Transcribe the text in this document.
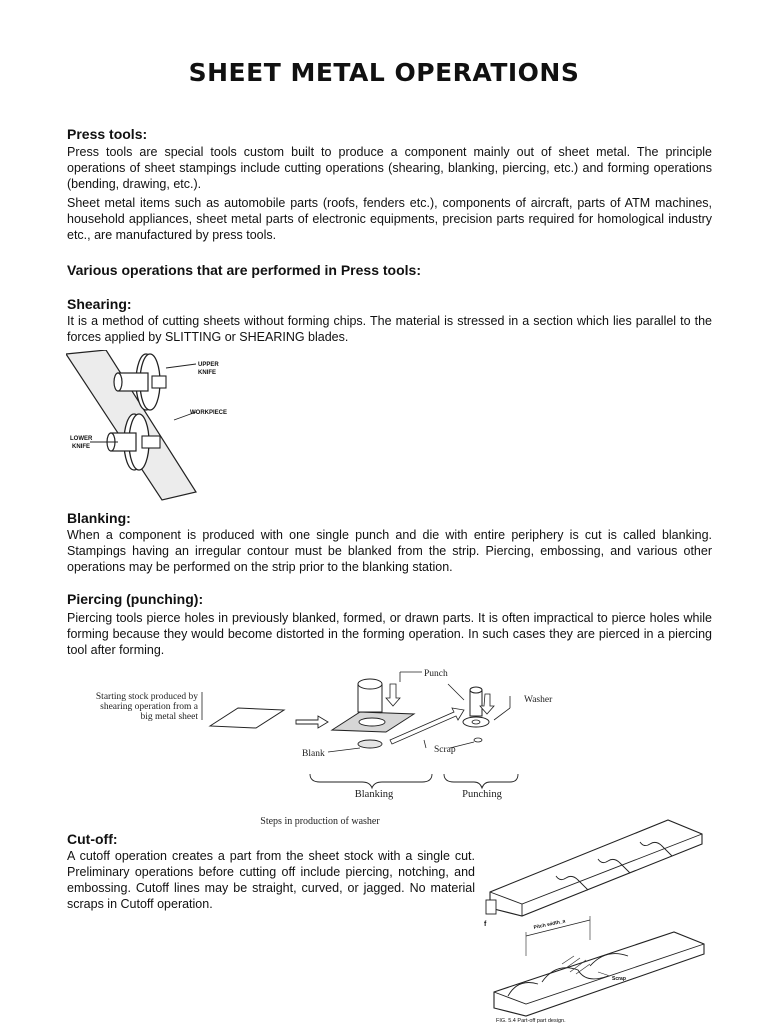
SHEET METAL OPERATIONS

Press tools:

Press tools are special tools custom built to produce a component mainly out of sheet metal. The principle operations of sheet stampings include cutting operations (shearing, blanking, piercing, etc.) and forming operations (bending, drawing, etc.).

Sheet metal items such as automobile parts (roofs, fenders etc.), components of aircraft, parts of ATM machines, household appliances, sheet metal parts of electronic equipments, precision parts required for homological industry etc., are manufactured by press tools.

Various operations that are performed in Press tools:

Shearing:

It is a method of cutting sheets without forming chips. The material is stressed in a section which lies parallel to the forces applied by SLITTING or SHEARING blades.

UPPER
KNIFE
WORKPIECE
LOWER
KNIFE

Blanking:

When a component is produced with one single punch and die with entire periphery is cut is called blanking. Stampings having an irregular contour must be blanked from the strip. Piercing, embossing, and various other operations may be performed on the strip prior to the blanking station.

Piercing (punching):

Piercing tools pierce holes in previously blanked, formed, or drawn parts. It is often impractical to pierce holes while forming because they would become distorted in the forming operation. In such cases they are pierced in a piercing tool after forming.

Starting stock produced by
shearing operation from a
big metal sheet
Punch
Blank
Washer
Scrap
Blanking	Punching
Steps in production of washer

Cut-off:

A cutoff operation creates a part from the sheet stock with a single cut. Preliminary operations before cutting off include piercing, notching, and embossing. Cutoff lines may be straight, curved, or jagged. No material scraps in Cutoff operation.

f	Pitch width_a
Scrap
FIG. 5.4 Part-off part design.
